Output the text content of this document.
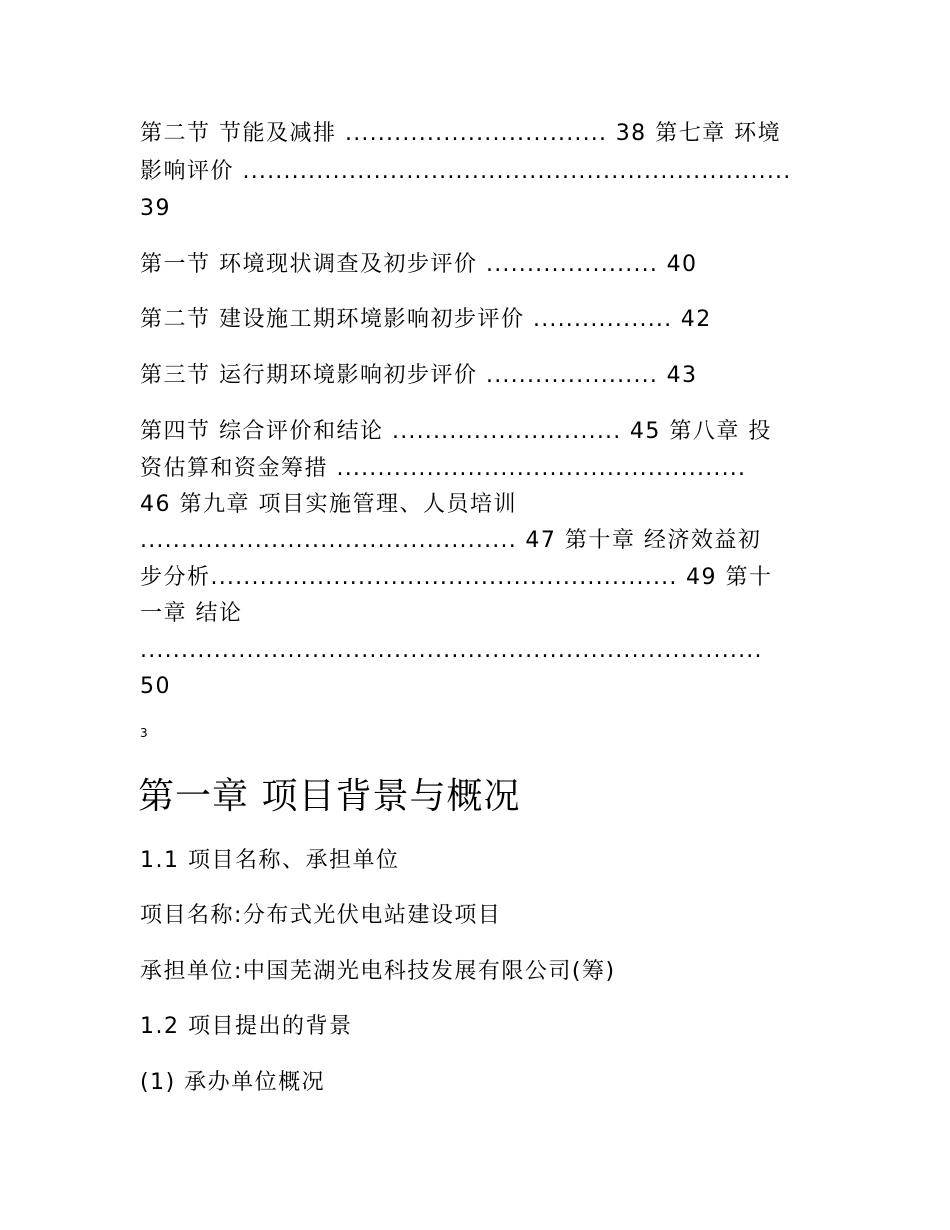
第二节 节能及减排 ................................ 38 第七章 环境

影响评价 ...................................................................

39

第一节 环境现状调查及初步评价 ..................... 40

第二节 建设施工期环境影响初步评价 ................. 42

第三节 运行期环境影响初步评价 ..................... 43

第四节 综合评价和结论 ............................ 45 第八章 投

资估算和资金筹措 ..................................................

46 第九章 项目实施管理、人员培训

.............................................. 47 第十章 经济效益初

步分析......................................................... 49 第十

一章 结论

............................................................................

50

3
第一章 项目背景与概况

1.1 项目名称、承担单位

项目名称:分布式光伏电站建设项目

承担单位:中国芜湖光电科技发展有限公司(筹)

1.2 项目提出的背景

(1) 承办单位概况
